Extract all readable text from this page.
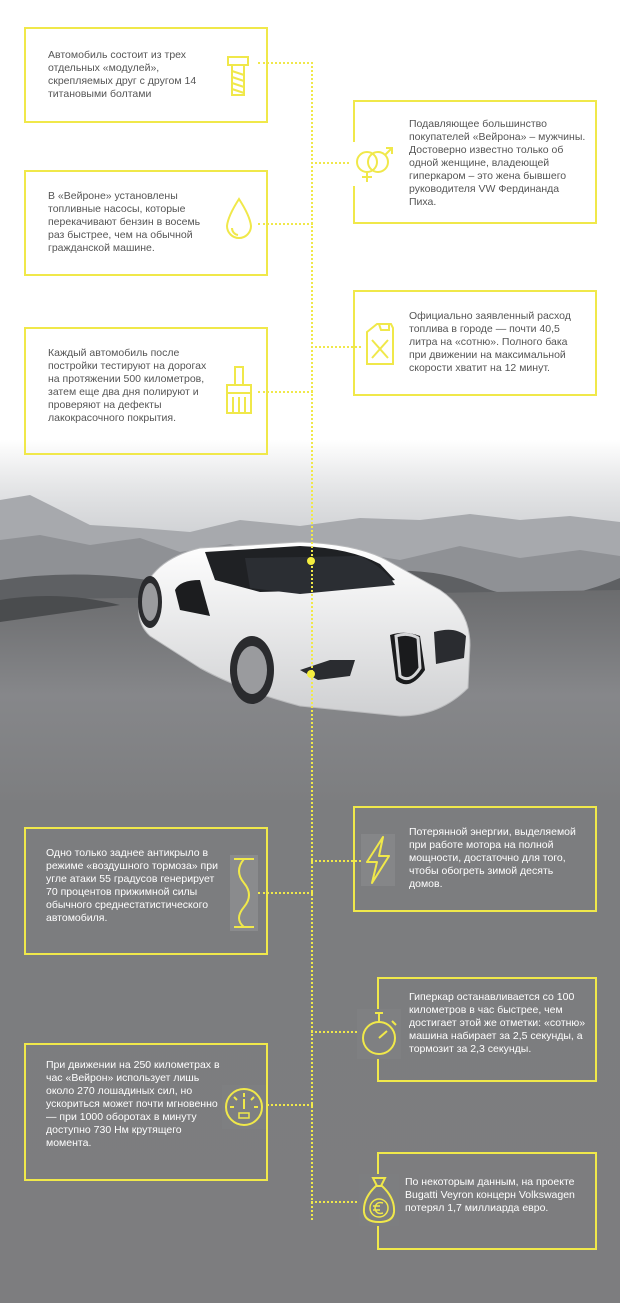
Автомобиль состоит из трех отдельных «модулей», скрепляемых друг с другом 14 титановыми болтами
Подавляющее большинство покупателей «Вейрона» – мужчины. Достоверно известно только об одной женщине, владеющей гиперкаром – это жена бывшего руководителя VW Фердинанда Пиха.
В «Вейроне» установлены топливные насосы, которые перекачивают бензин в восемь раз быстрее, чем на обычной гражданской машине.
Официально заявленный расход топлива в городе — почти 40,5 литра на «сотню». Полного бака при движении на максимальной скорости хватит на 12 минут.
Каждый автомобиль после постройки тестируют на дорогах на протяжении 500 километров, затем еще два дня полируют и проверяют на дефекты лакокрасочного покрытия.
Одно только заднее антикрыло в режиме «воздушного тормоза» при угле атаки 55 градусов генерирует 70 процентов прижимной силы обычного среднестатистического автомобиля.
Потерянной энергии, выделяемой при работе мотора на полной мощности, достаточно для того, чтобы обогреть зимой десять домов.
Гиперкар останавливается со 100 километров в час быстрее, чем достигает этой же отметки: «сотню» машина набирает за 2,5 секунды, а тормозит за 2,3 секунды.
При движении на 250 километрах в час «Вейрон» использует лишь около 270 лошадиных сил, но ускориться может почти мгновенно — при 1000 оборотах в минуту доступно 730 Нм крутящего момента.
По некоторым данным, на проекте Bugatti Veyron концерн Volkswagen потерял 1,7 миллиарда евро.
